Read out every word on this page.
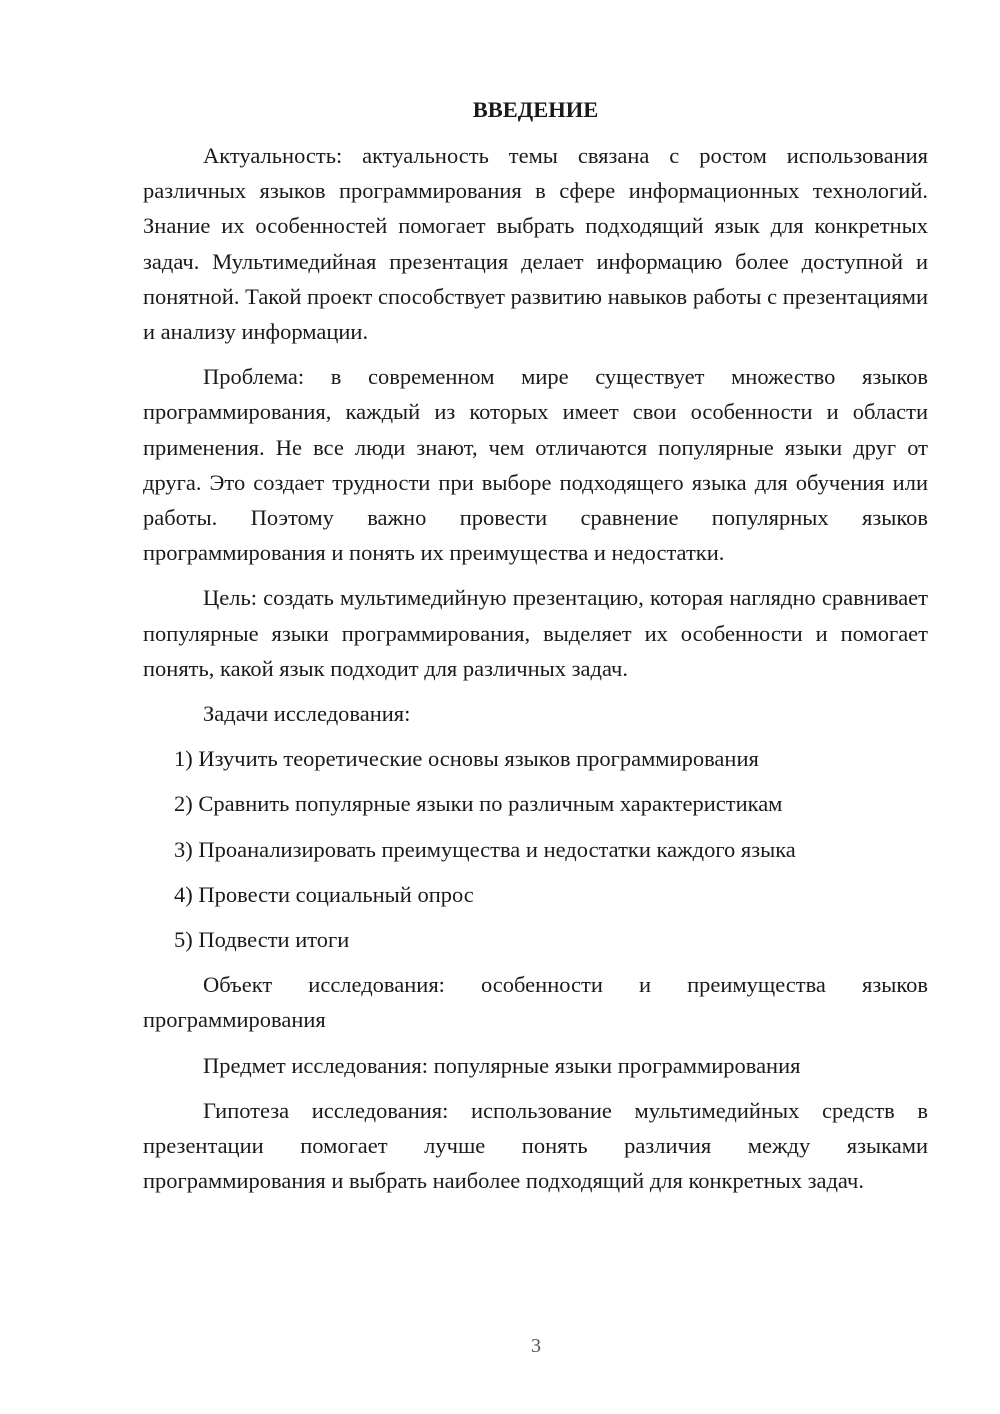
ВВЕДЕНИЕ

Актуальность: актуальность темы связана с ростом использования различных языков программирования в сфере информационных технологий. Знание их особенностей помогает выбрать подходящий язык для конкретных задач. Мультимедийная презентация делает информацию более доступной и понятной. Такой проект способствует развитию навыков работы с презентациями и анализу информации.

Проблема: в современном мире существует множество языков программирования, каждый из которых имеет свои особенности и области применения. Не все люди знают, чем отличаются популярные языки друг от друга. Это создает трудности при выборе подходящего языка для обучения или работы. Поэтому важно провести сравнение популярных языков программирования и понять их преимущества и недостатки.

Цель: создать мультимедийную презентацию, которая наглядно сравнивает популярные языки программирования, выделяет их особенности и помогает понять, какой язык подходит для различных задач.

Задачи исследования:

1) Изучить теоретические основы языков программирования
2) Сравнить популярные языки по различным характеристикам
3) Проанализировать преимущества и недостатки каждого языка
4) Провести социальный опрос
5) Подвести итоги

Объект исследования: особенности и преимущества языков программирования

Предмет исследования: популярные языки программирования

Гипотеза исследования: использование мультимедийных средств в презентации помогает лучше понять различия между языками программирования и выбрать наиболее подходящий для конкретных задач.

3
